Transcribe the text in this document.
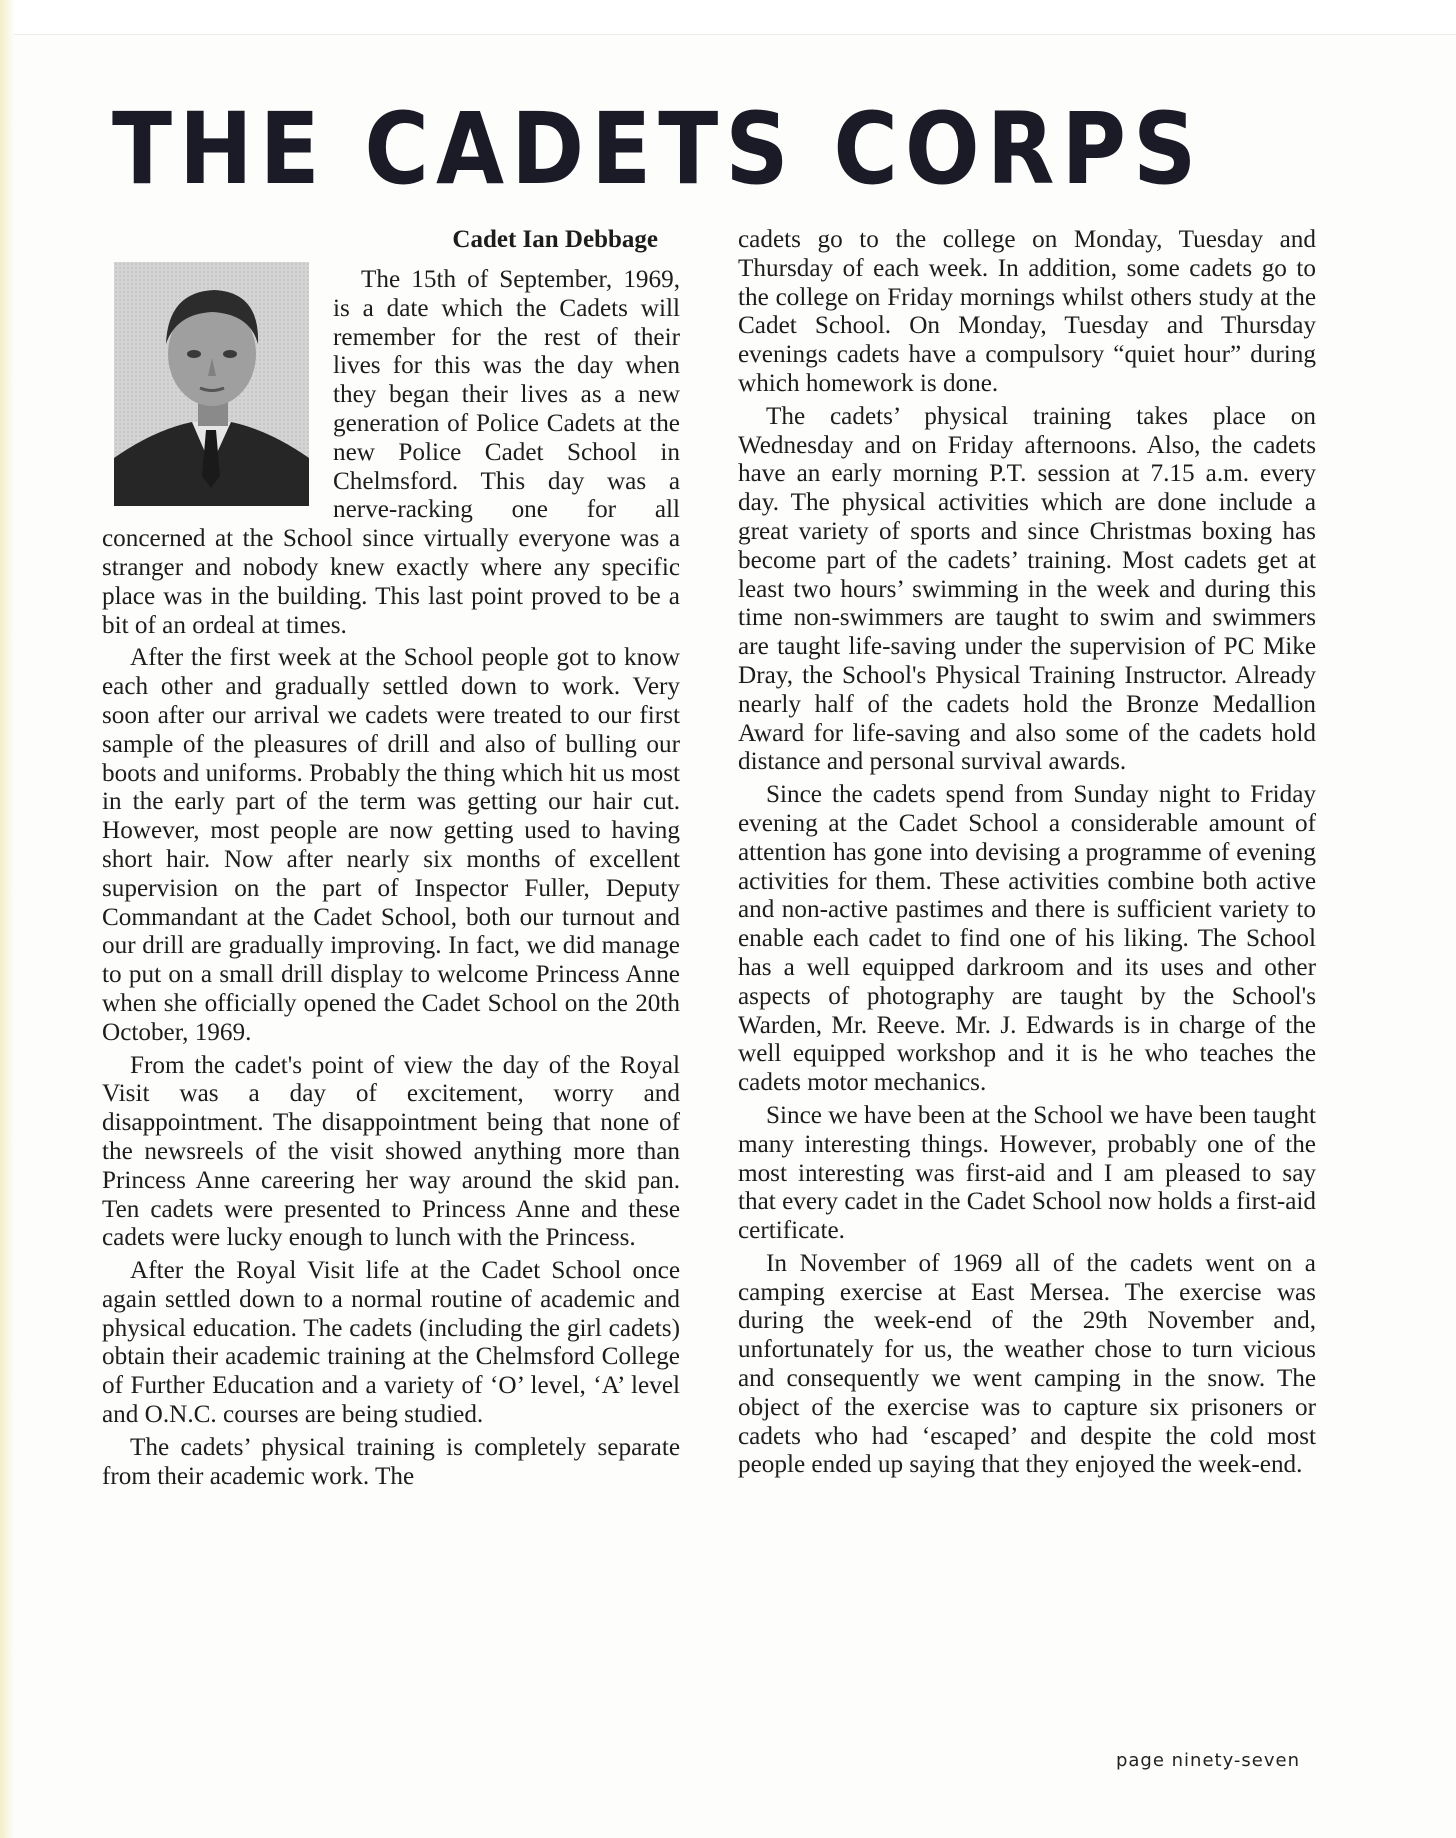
THE CADETS CORPS
Cadet Ian Debbage

The 15th of September, 1969, is a date which the Cadets will remember for the rest of their lives for this was the day when they began their lives as a new generation of Police Cadets at the new Police Cadet School in Chelmsford. This day was a nerve-racking one for all concerned at the School since virtually everyone was a stranger and nobody knew exactly where any specific place was in the building. This last point proved to be a bit of an ordeal at times.

After the first week at the School people got to know each other and gradually settled down to work. Very soon after our arrival we cadets were treated to our first sample of the pleasures of drill and also of bulling our boots and uniforms. Probably the thing which hit us most in the early part of the term was getting our hair cut. However, most people are now getting used to having short hair. Now after nearly six months of excellent supervision on the part of Inspector Fuller, Deputy Commandant at the Cadet School, both our turnout and our drill are gradually improving. In fact, we did manage to put on a small drill display to welcome Princess Anne when she officially opened the Cadet School on the 20th October, 1969.

From the cadet's point of view the day of the Royal Visit was a day of excitement, worry and disappointment. The disappointment being that none of the newsreels of the visit showed anything more than Princess Anne careering her way around the skid pan. Ten cadets were presented to Princess Anne and these cadets were lucky enough to lunch with the Princess.

After the Royal Visit life at the Cadet School once again settled down to a normal routine of academic and physical education. The cadets (including the girl cadets) obtain their academic training at the Chelmsford College of Further Education and a variety of ‘O’ level, ‘A’ level and O.N.C. courses are being studied.

The cadets’ physical training is completely separate from their academic work. The

cadets go to the college on Monday, Tuesday and Thursday of each week. In addition, some cadets go to the college on Friday mornings whilst others study at the Cadet School. On Monday, Tuesday and Thursday evenings cadets have a compulsory “quiet hour” during which homework is done.

The cadets’ physical training takes place on Wednesday and on Friday afternoons. Also, the cadets have an early morning P.T. session at 7.15 a.m. every day. The physical activities which are done include a great variety of sports and since Christmas boxing has become part of the cadets’ training. Most cadets get at least two hours’ swimming in the week and during this time non-swimmers are taught to swim and swimmers are taught life-saving under the supervision of PC Mike Dray, the School's Physical Training Instructor. Already nearly half of the cadets hold the Bronze Medallion Award for life-saving and also some of the cadets hold distance and personal survival awards.

Since the cadets spend from Sunday night to Friday evening at the Cadet School a considerable amount of attention has gone into devising a programme of evening activities for them. These activities combine both active and non-active pastimes and there is sufficient variety to enable each cadet to find one of his liking. The School has a well equipped darkroom and its uses and other aspects of photography are taught by the School's Warden, Mr. Reeve. Mr. J. Edwards is in charge of the well equipped workshop and it is he who teaches the cadets motor mechanics.

Since we have been at the School we have been taught many interesting things. However, probably one of the most interesting was first-aid and I am pleased to say that every cadet in the Cadet School now holds a first-aid certificate.

In November of 1969 all of the cadets went on a camping exercise at East Mersea. The exercise was during the week-end of the 29th November and, unfortunately for us, the weather chose to turn vicious and consequently we went camping in the snow. The object of the exercise was to capture six prisoners or cadets who had ‘escaped’ and despite the cold most people ended up saying that they enjoyed the week-end.

page ninety-seven
